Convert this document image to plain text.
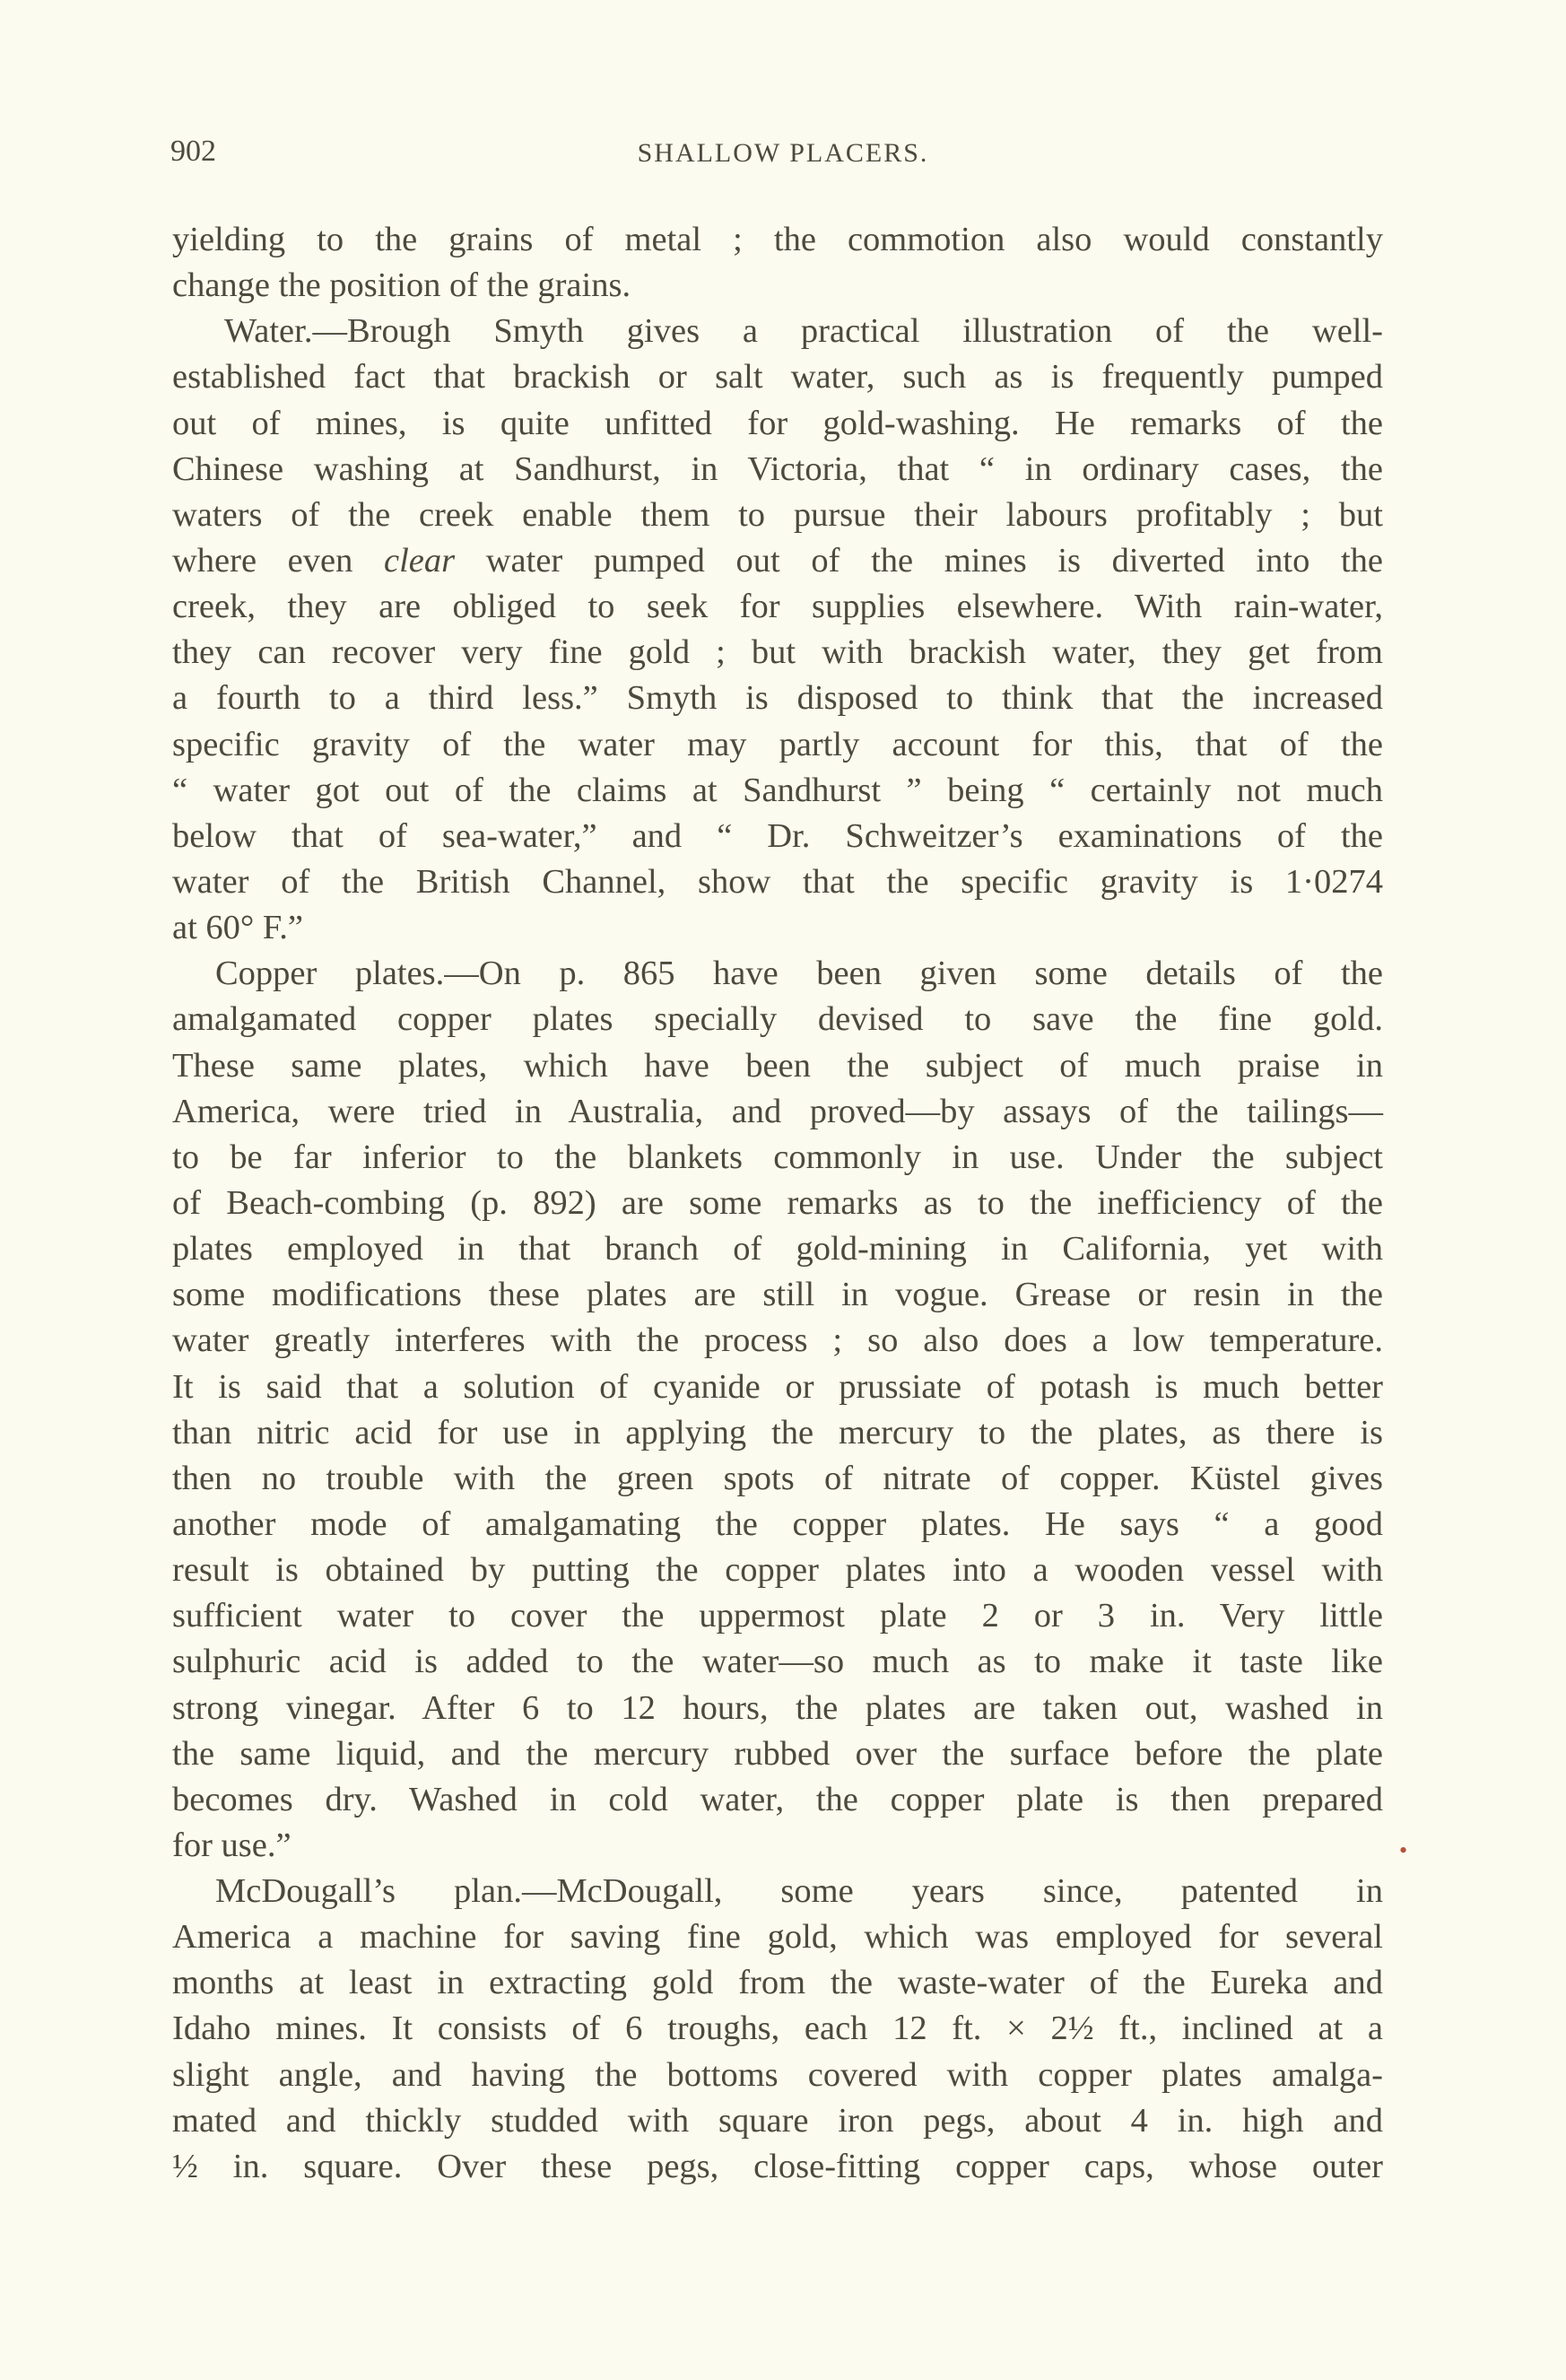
902	SHALLOW PLACERS.
yielding to the grains of metal ; the commotion also would constantly
change the position of the grains.
Water.—Brough Smyth gives a practical illustration of the well-
established fact that brackish or salt water, such as is frequently pumped
out of mines, is quite unfitted for gold-washing. He remarks of the
Chinese washing at Sandhurst, in Victoria, that “ in ordinary cases, the
waters of the creek enable them to pursue their labours profitably ; but
where even clear water pumped out of the mines is diverted into the
creek, they are obliged to seek for supplies elsewhere. With rain-water,
they can recover very fine gold ; but with brackish water, they get from
a fourth to a third less.” Smyth is disposed to think that the increased
specific gravity of the water may partly account for this, that of the
“ water got out of the claims at Sandhurst ” being “ certainly not much
below that of sea-water,” and “ Dr. Schweitzer’s examinations of the
water of the British Channel, show that the specific gravity is 1·0274
at 60° F.”
Copper plates.—On p. 865 have been given some details of the
amalgamated copper plates specially devised to save the fine gold.
These same plates, which have been the subject of much praise in
America, were tried in Australia, and proved—by assays of the tailings—
to be far inferior to the blankets commonly in use. Under the subject
of Beach-combing (p. 892) are some remarks as to the inefficiency of the
plates employed in that branch of gold-mining in California, yet with
some modifications these plates are still in vogue. Grease or resin in the
water greatly interferes with the process ; so also does a low temperature.
It is said that a solution of cyanide or prussiate of potash is much better
than nitric acid for use in applying the mercury to the plates, as there is
then no trouble with the green spots of nitrate of copper. Küstel gives
another mode of amalgamating the copper plates. He says “ a good
result is obtained by putting the copper plates into a wooden vessel with
sufficient water to cover the uppermost plate 2 or 3 in. Very little
sulphuric acid is added to the water—so much as to make it taste like
strong vinegar. After 6 to 12 hours, the plates are taken out, washed in
the same liquid, and the mercury rubbed over the surface before the plate
becomes dry. Washed in cold water, the copper plate is then prepared
for use.”
McDougall’s plan.—McDougall, some years since, patented in
America a machine for saving fine gold, which was employed for several
months at least in extracting gold from the waste-water of the Eureka and
Idaho mines. It consists of 6 troughs, each 12 ft. × 2½ ft., inclined at a
slight angle, and having the bottoms covered with copper plates amalga-
mated and thickly studded with square iron pegs, about 4 in. high and
½ in. square. Over these pegs, close-fitting copper caps, whose outer
•
